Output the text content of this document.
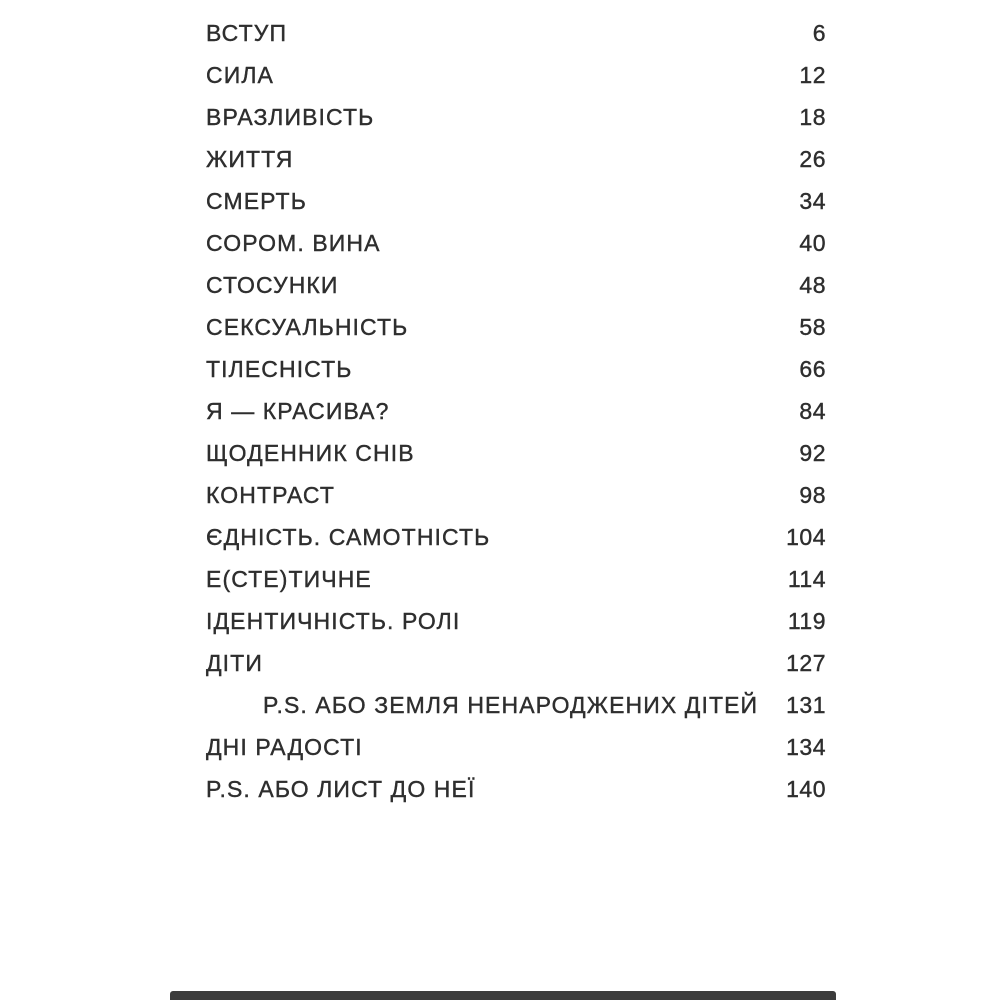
ВСТУП	6
СИЛА	12
ВРАЗЛИВІСТЬ	18
ЖИТТЯ	26
СМЕРТЬ	34
СОРОМ. ВИНА	40
СТОСУНКИ	48
СЕКСУАЛЬНІСТЬ	58
ТІЛЕСНІСТЬ	66
Я — КРАСИВА?	84
ЩОДЕННИК СНІВ	92
КОНТРАСТ	98
ЄДНІСТЬ. САМОТНІСТЬ	104
Е(СТЕ)ТИЧНЕ	114
ІДЕНТИЧНІСТЬ. РОЛІ	119
ДІТИ	127
P.S. АБО ЗЕМЛЯ НЕНАРОДЖЕНИХ ДІТЕЙ 131
ДНІ РАДОСТІ	134
P.S. АБО ЛИСТ ДО НЕЇ	140
